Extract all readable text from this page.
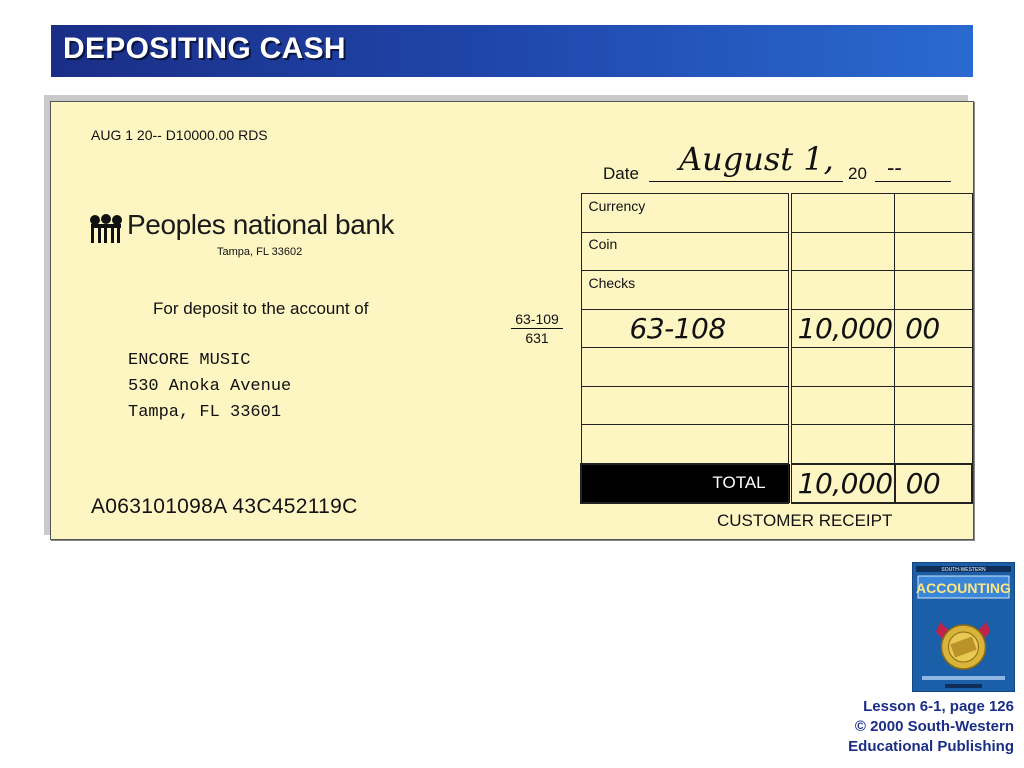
DEPOSITING CASH
AUG 1 20-- D10000.00 RDS
Peoples national bank
Tampa, FL 33602
For deposit to the account of
ENCORE MUSIC
530 Anoka Avenue
Tampa, FL 33601
A063101098A 43C452119C
63-109
631
Date August 1, 20 --
Currency		

Coin		

Checks		

63-108	10,000	00

TOTAL	10,000	00
CUSTOMER RECEIPT
SOUTH-WESTERN
ACCOUNTING
Lesson 6-1, page 126
© 2000 South-Western
Educational Publishing
